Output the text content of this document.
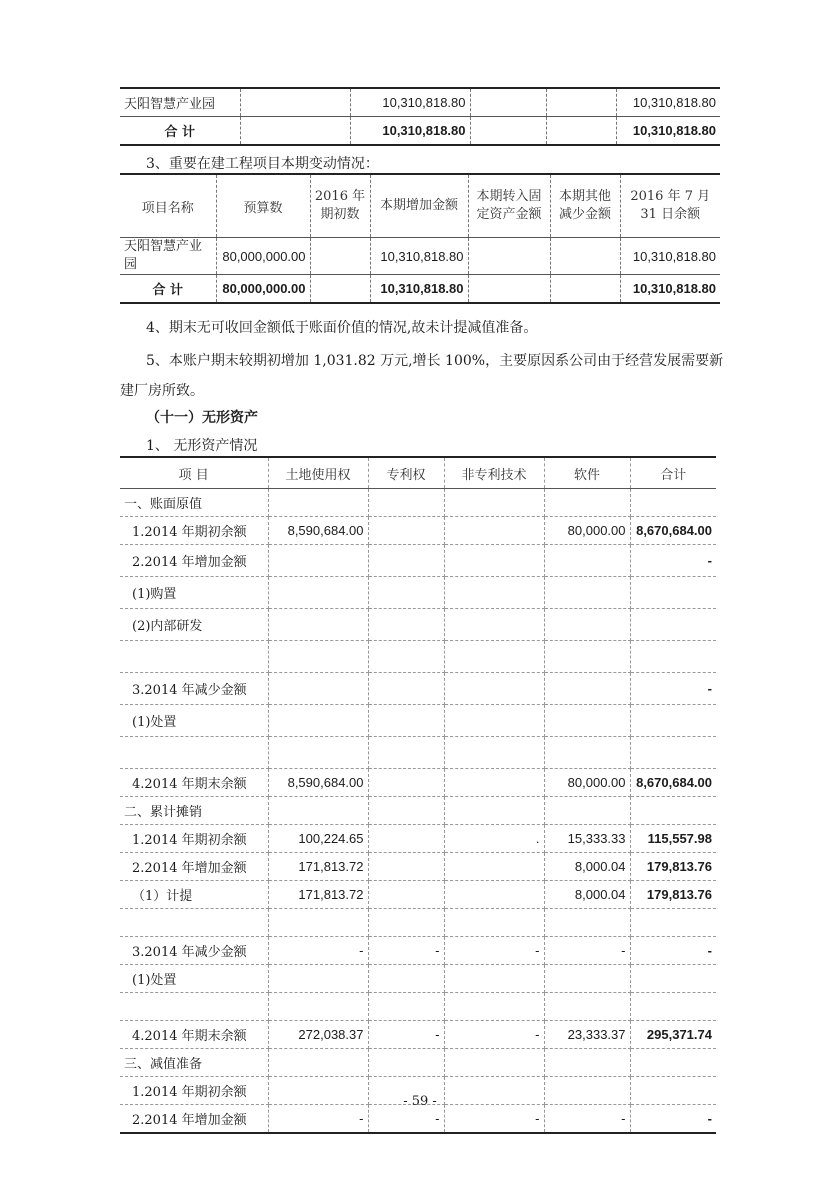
天阳智慧产业园		10,310,818.80			10,310,818.80
合 计		10,310,818.80			10,310,818.80
3、重要在建工程项目本期变动情况：
项目名称	预算数	2016 年期初数	本期增加金额	本期转入固定资产金额	本期其他减少金额	2016 年 7 月 31 日余额
天阳智慧产业园	80,000,000.00		10,310,818.80			10,310,818.80
合 计	80,000,000.00		10,310,818.80			10,310,818.80
4、期末无可收回金额低于账面价值的情况,故未计提减值准备。
5、本账户期末较期初增加 1,031.82 万元,增长 100%，主要原因系公司由于经营发展需要新
建厂房所致。
（十一）无形资产
1、 无形资产情况
项 目	土地使用权	专利权	非专利技术	软件	合计
一、账面原值					
1.2014 年期初余额	8,590,684.00			80,000.00	8,670,684.00
2.2014 年增加金额					-
(1)购置					
(2)内部研发					

3.2014 年减少金额					-
(1)处置					

4.2014 年期末余额	8,590,684.00			80,000.00	8,670,684.00
二、累计摊销					
1.2014 年期初余额	100,224.65		.	15,333.33	115,557.98
2.2014 年增加金额	171,813.72			8,000.04	179,813.76
（1）计提	171,813.72			8,000.04	179,813.76

3.2014 年减少金额	-	-	-	-	-
(1)处置					

4.2014 年期末余额	272,038.37	-	-	23,333.37	295,371.74
三、减值准备					
1.2014 年期初余额					
2.2014 年增加金额	-	-	-	-	-
- 59 -
